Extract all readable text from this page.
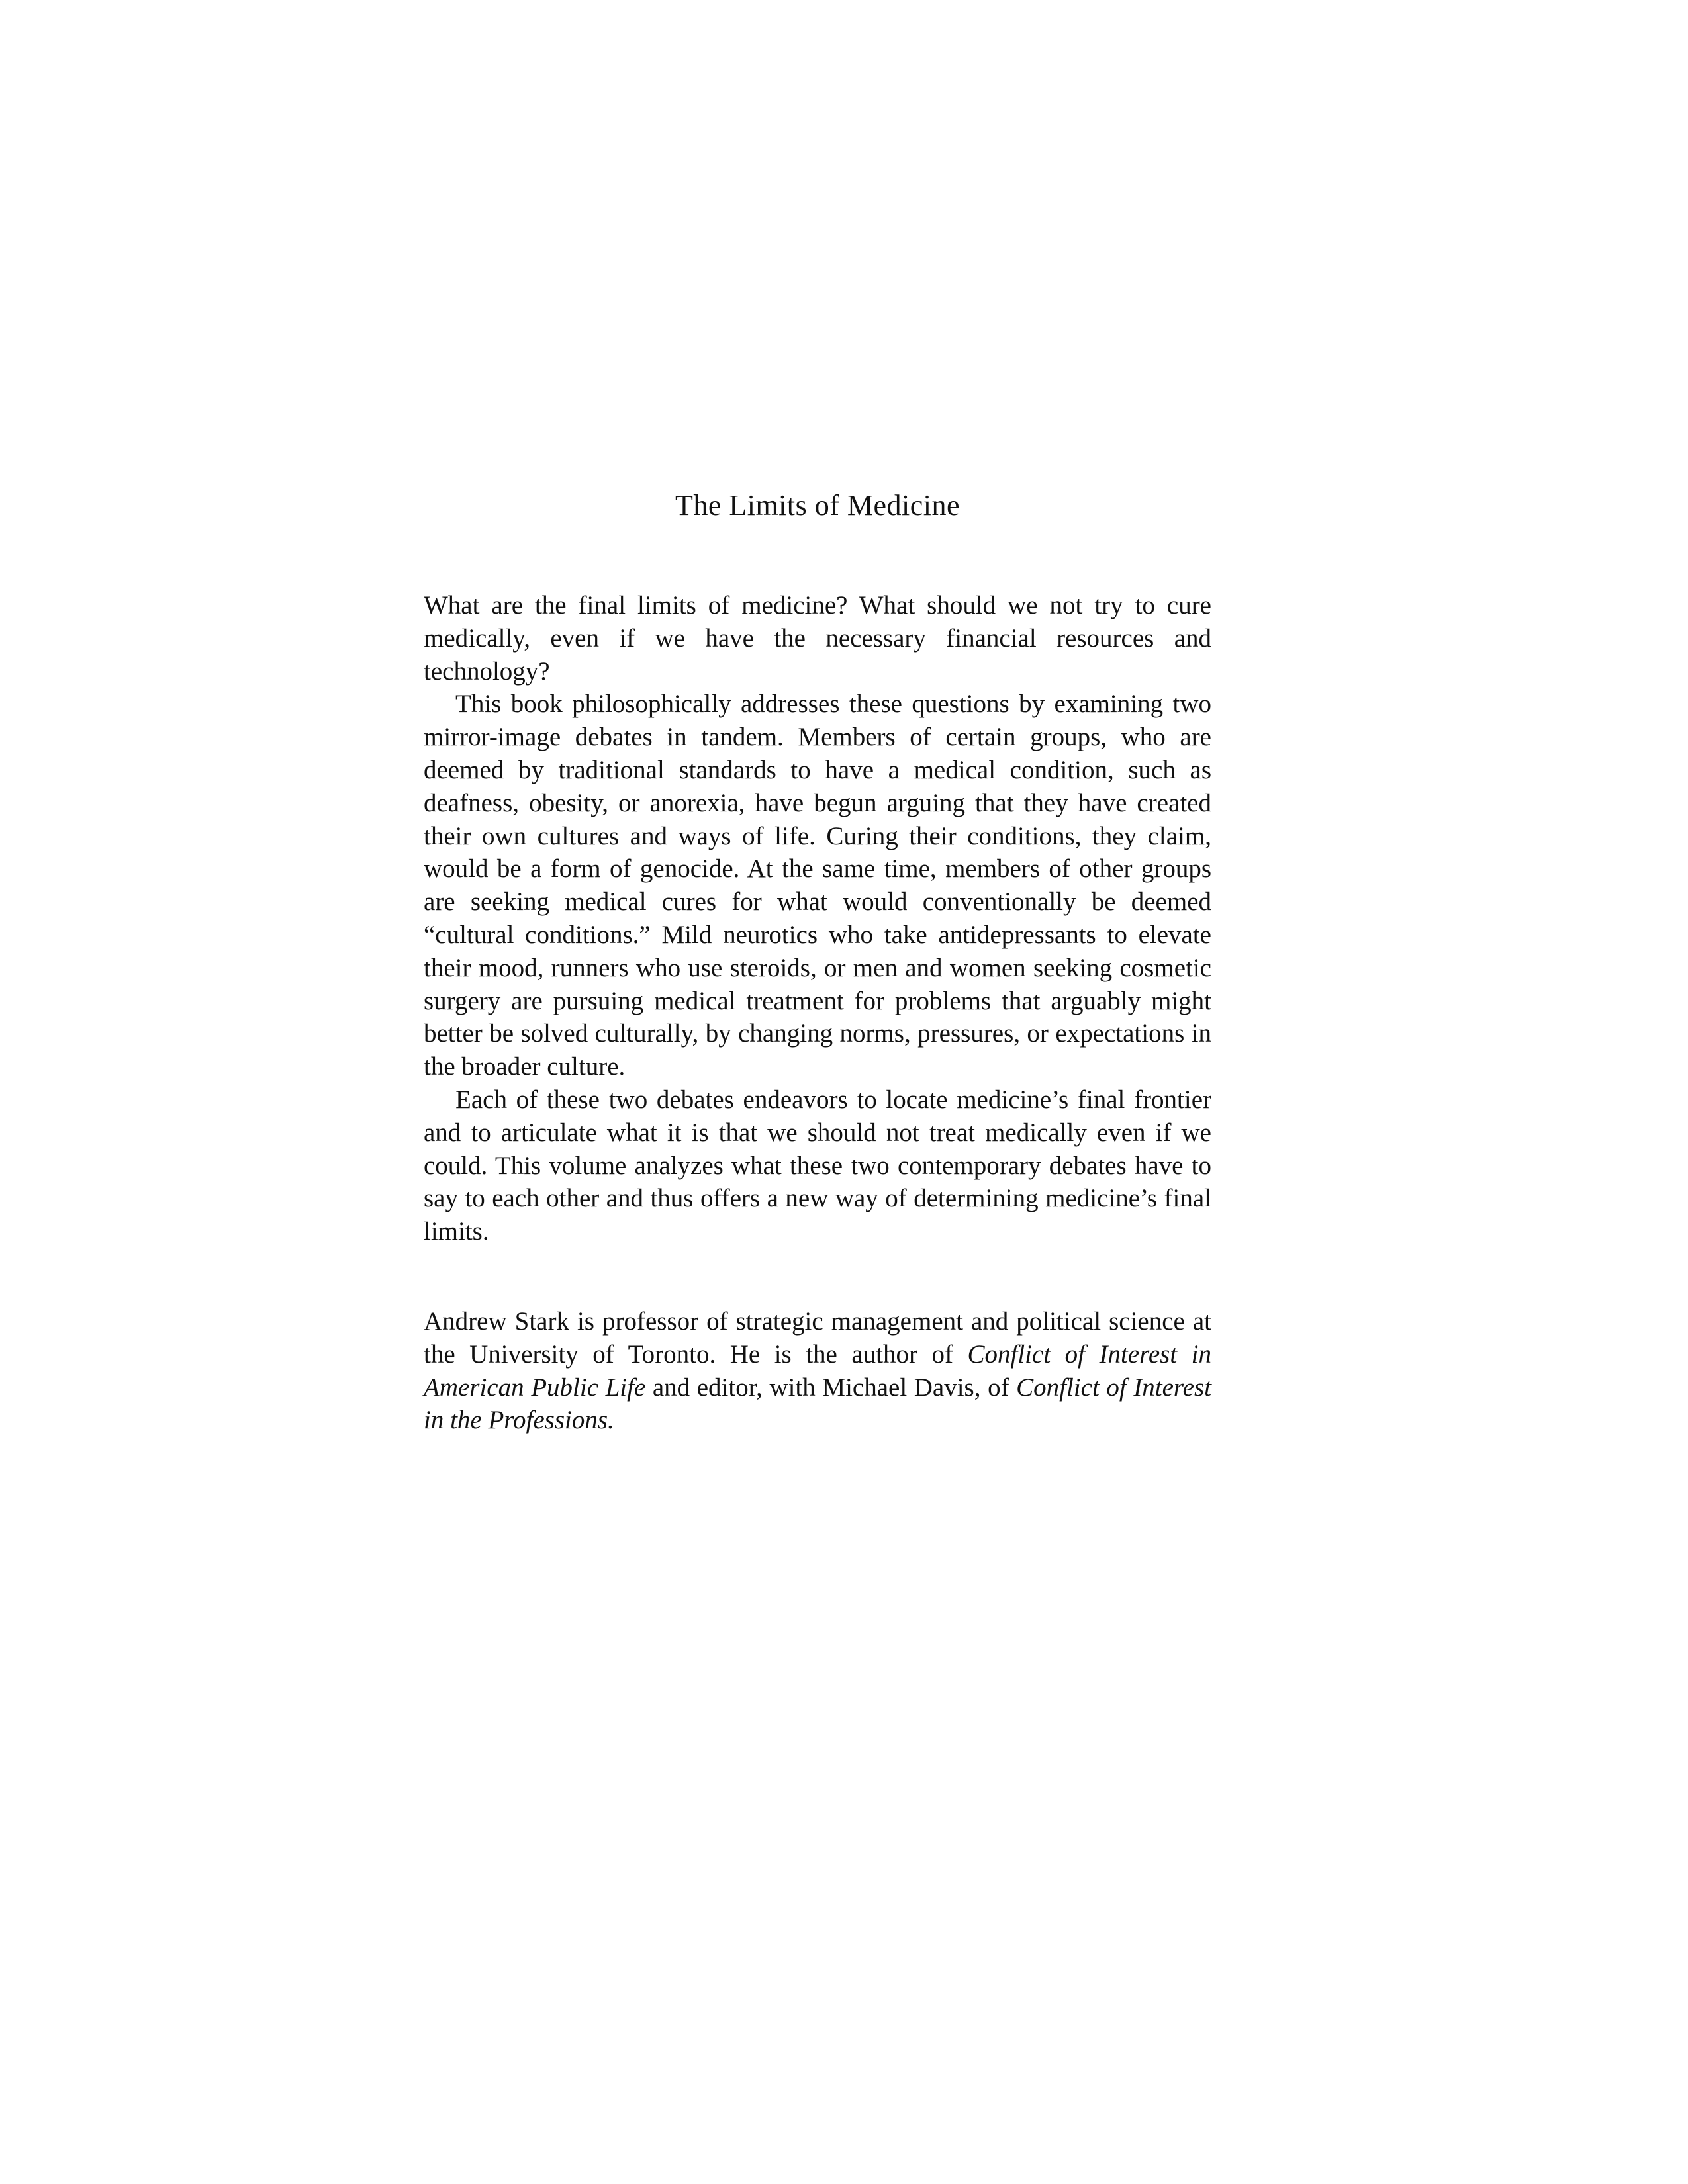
The Limits of Medicine

What are the final limits of medicine? What should we not try to cure medically, even if we have the necessary financial resources and technology?

This book philosophically addresses these questions by examining two mirror-image debates in tandem. Members of certain groups, who are deemed by traditional standards to have a medical condition, such as deafness, obesity, or anorexia, have begun arguing that they have created their own cultures and ways of life. Curing their conditions, they claim, would be a form of genocide. At the same time, members of other groups are seeking medical cures for what would conventionally be deemed “cultural conditions.” Mild neurotics who take antidepressants to elevate their mood, runners who use steroids, or men and women seeking cosmetic surgery are pursuing medical treatment for problems that arguably might better be solved culturally, by changing norms, pressures, or expectations in the broader culture.

Each of these two debates endeavors to locate medicine’s final frontier and to articulate what it is that we should not treat medically even if we could. This volume analyzes what these two contemporary debates have to say to each other and thus offers a new way of determining medicine’s final limits.

Andrew Stark is professor of strategic management and political science at the University of Toronto. He is the author of Conflict of Interest in American Public Life and editor, with Michael Davis, of Conflict of Interest in the Professions.
